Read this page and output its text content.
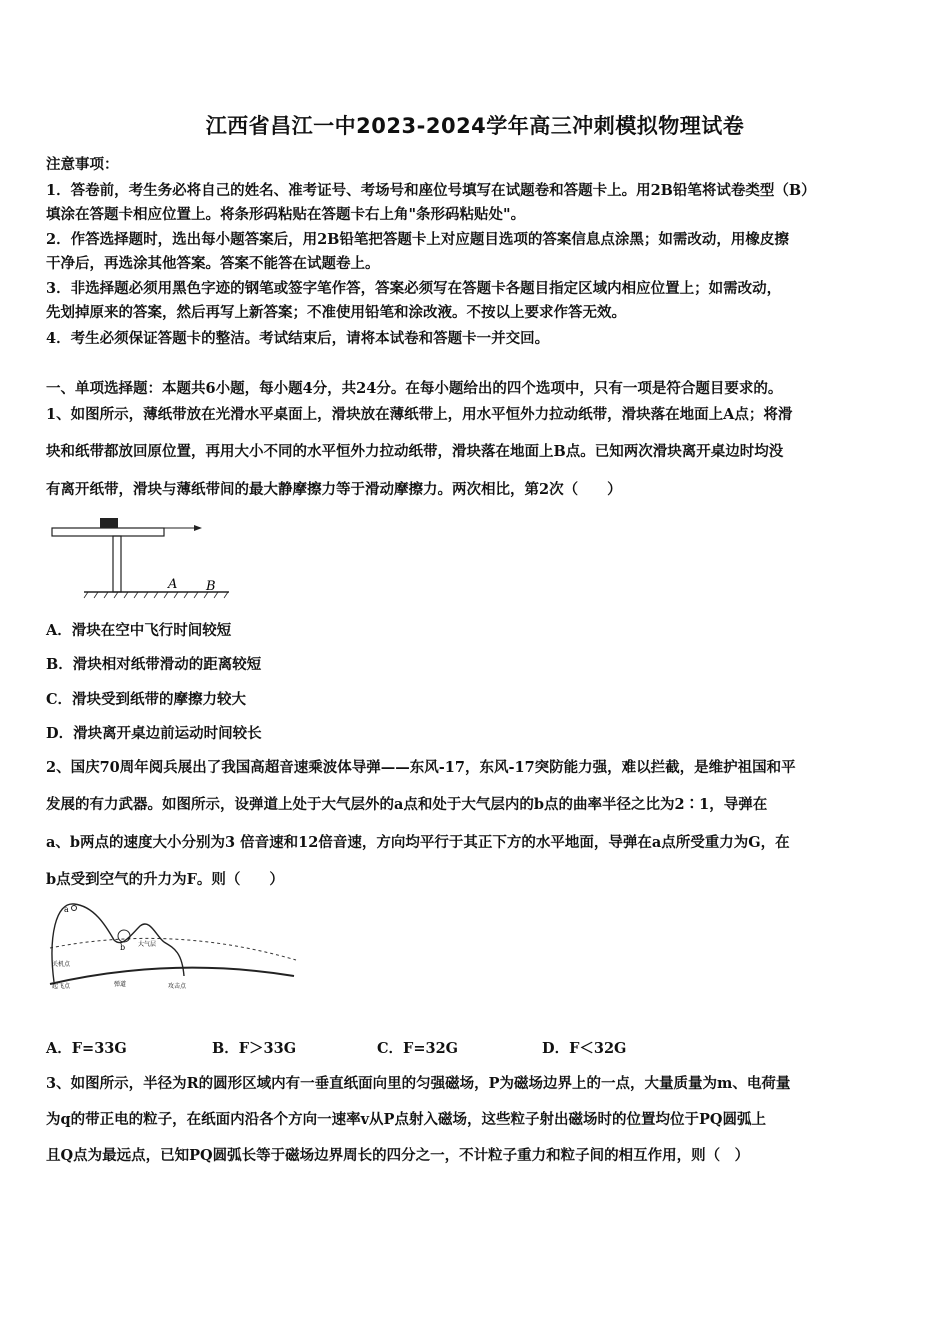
江西省昌江一中2023-2024学年高三冲刺模拟物理试卷
注意事项：
1．答卷前，考生务必将自己的姓名、准考证号、考场号和座位号填写在试题卷和答题卡上。用2B铅笔将试卷类型（B）
填涂在答题卡相应位置上。将条形码粘贴在答题卡右上角"条形码粘贴处"。
2．作答选择题时，选出每小题答案后，用2B铅笔把答题卡上对应题目选项的答案信息点涂黑；如需改动，用橡皮擦
干净后，再选涂其他答案。答案不能答在试题卷上。
3．非选择题必须用黑色字迹的钢笔或签字笔作答，答案必须写在答题卡各题目指定区域内相应位置上；如需改动，
先划掉原来的答案，然后再写上新答案；不准使用铅笔和涂改液。不按以上要求作答无效。
4．考生必须保证答题卡的整洁。考试结束后，请将本试卷和答题卡一并交回。
一、单项选择题：本题共6小题，每小题4分，共24分。在每小题给出的四个选项中，只有一项是符合题目要求的。
1、如图所示，薄纸带放在光滑水平桌面上，滑块放在薄纸带上，用水平恒外力拉动纸带，滑块落在地面上A点；将滑
块和纸带都放回原位置，再用大小不同的水平恒外力拉动纸带，滑块落在地面上B点。已知两次滑块离开桌边时均没
有离开纸带，滑块与薄纸带间的最大静摩擦力等于滑动摩擦力。两次相比，第2次（　　）
A B
A．滑块在空中飞行时间较短
B．滑块相对纸带滑动的距离较短
C．滑块受到纸带的摩擦力较大
D．滑块离开桌边前运动时间较长
2、国庆70周年阅兵展出了我国高超音速乘波体导弹——东风-17，东风-17突防能力强，难以拦截，是维护祖国和平
发展的有力武器。如图所示，设弹道上处于大气层外的a点和处于大气层内的b点的曲率半径之比为2∶1，导弹在
a、b两点的速度大小分别为3 倍音速和12倍音速，方向均平行于其正下方的水平地面，导弹在a点所受重力为G，在
b点受到空气的升力为F。则（　　）
a
b 大气层
关机点
起飞点	弹道	攻击点
A．F=33G	B．F＞33G	C．F=32G	D．F＜32G
3、如图所示，半径为R的圆形区域内有一垂直纸面向里的匀强磁场，P为磁场边界上的一点，大量质量为m、电荷量
为q的带正电的粒子，在纸面内沿各个方向一速率v从P点射入磁场，这些粒子射出磁场时的位置均位于PQ圆弧上
且Q点为最远点，已知PQ圆弧长等于磁场边界周长的四分之一，不计粒子重力和粒子间的相互作用，则（　）
